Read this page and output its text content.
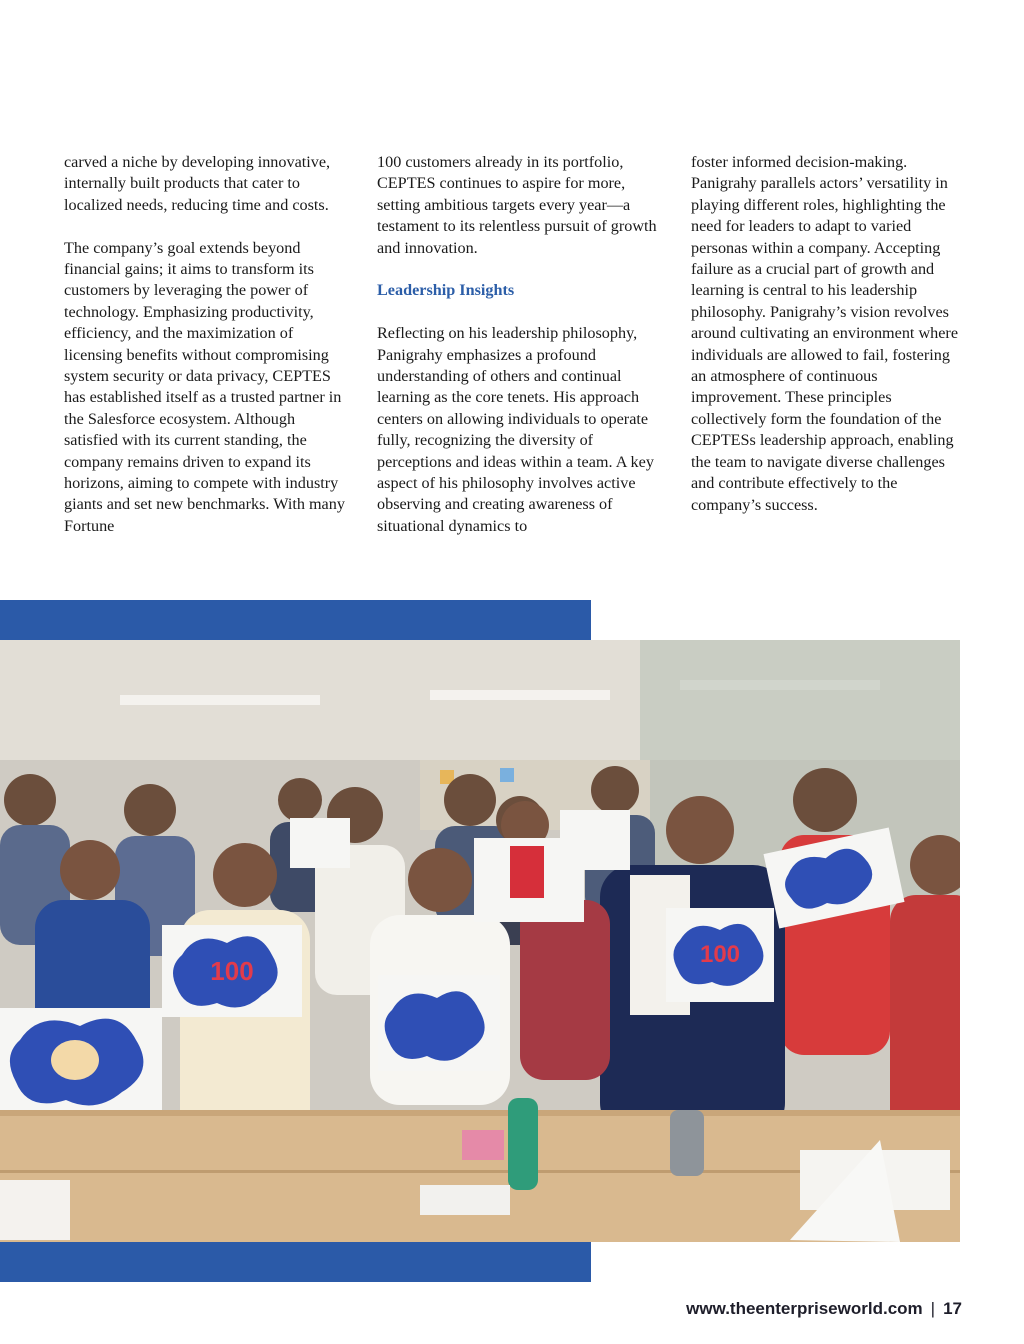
carved a niche by developing innovative, internally built products that cater to localized needs, reducing time and costs.

The company’s goal extends beyond financial gains; it aims to transform its customers by leveraging the power of technology. Emphasizing productivity, efficiency, and the maximization of licensing benefits without compromising system security or data privacy, CEPTES has established itself as a trusted partner in the Salesforce ecosystem. Although satisfied with its current standing, the company remains driven to expand its horizons, aiming to compete with industry giants and set new benchmarks. With many Fortune

100 customers already in its portfolio, CEPTES continues to aspire for more, setting ambitious targets every year—a testament to its relentless pursuit of growth and innovation.

Leadership Insights

Reflecting on his leadership philosophy, Panigrahy emphasizes a profound understanding of others and continual learning as the core tenets. His approach centers on allowing individuals to operate fully, recognizing the diversity of perceptions and ideas within a team. A key aspect of his philosophy involves active observing and creating awareness of situational dynamics to

foster informed decision-making. Panigrahy parallels actors’ versatility in playing different roles, highlighting the need for leaders to adapt to varied personas within a company. Accepting failure as a crucial part of growth and learning is central to his leadership philosophy. Panigrahy’s vision revolves around cultivating an environment where individuals are allowed to fail, fostering an atmosphere of continuous improvement. These principles collectively form the foundation of the CEPTESs leadership approach, enabling the team to navigate diverse challenges and contribute effectively to the company’s success.

100
100
www.theenterpriseworld.com | 17
